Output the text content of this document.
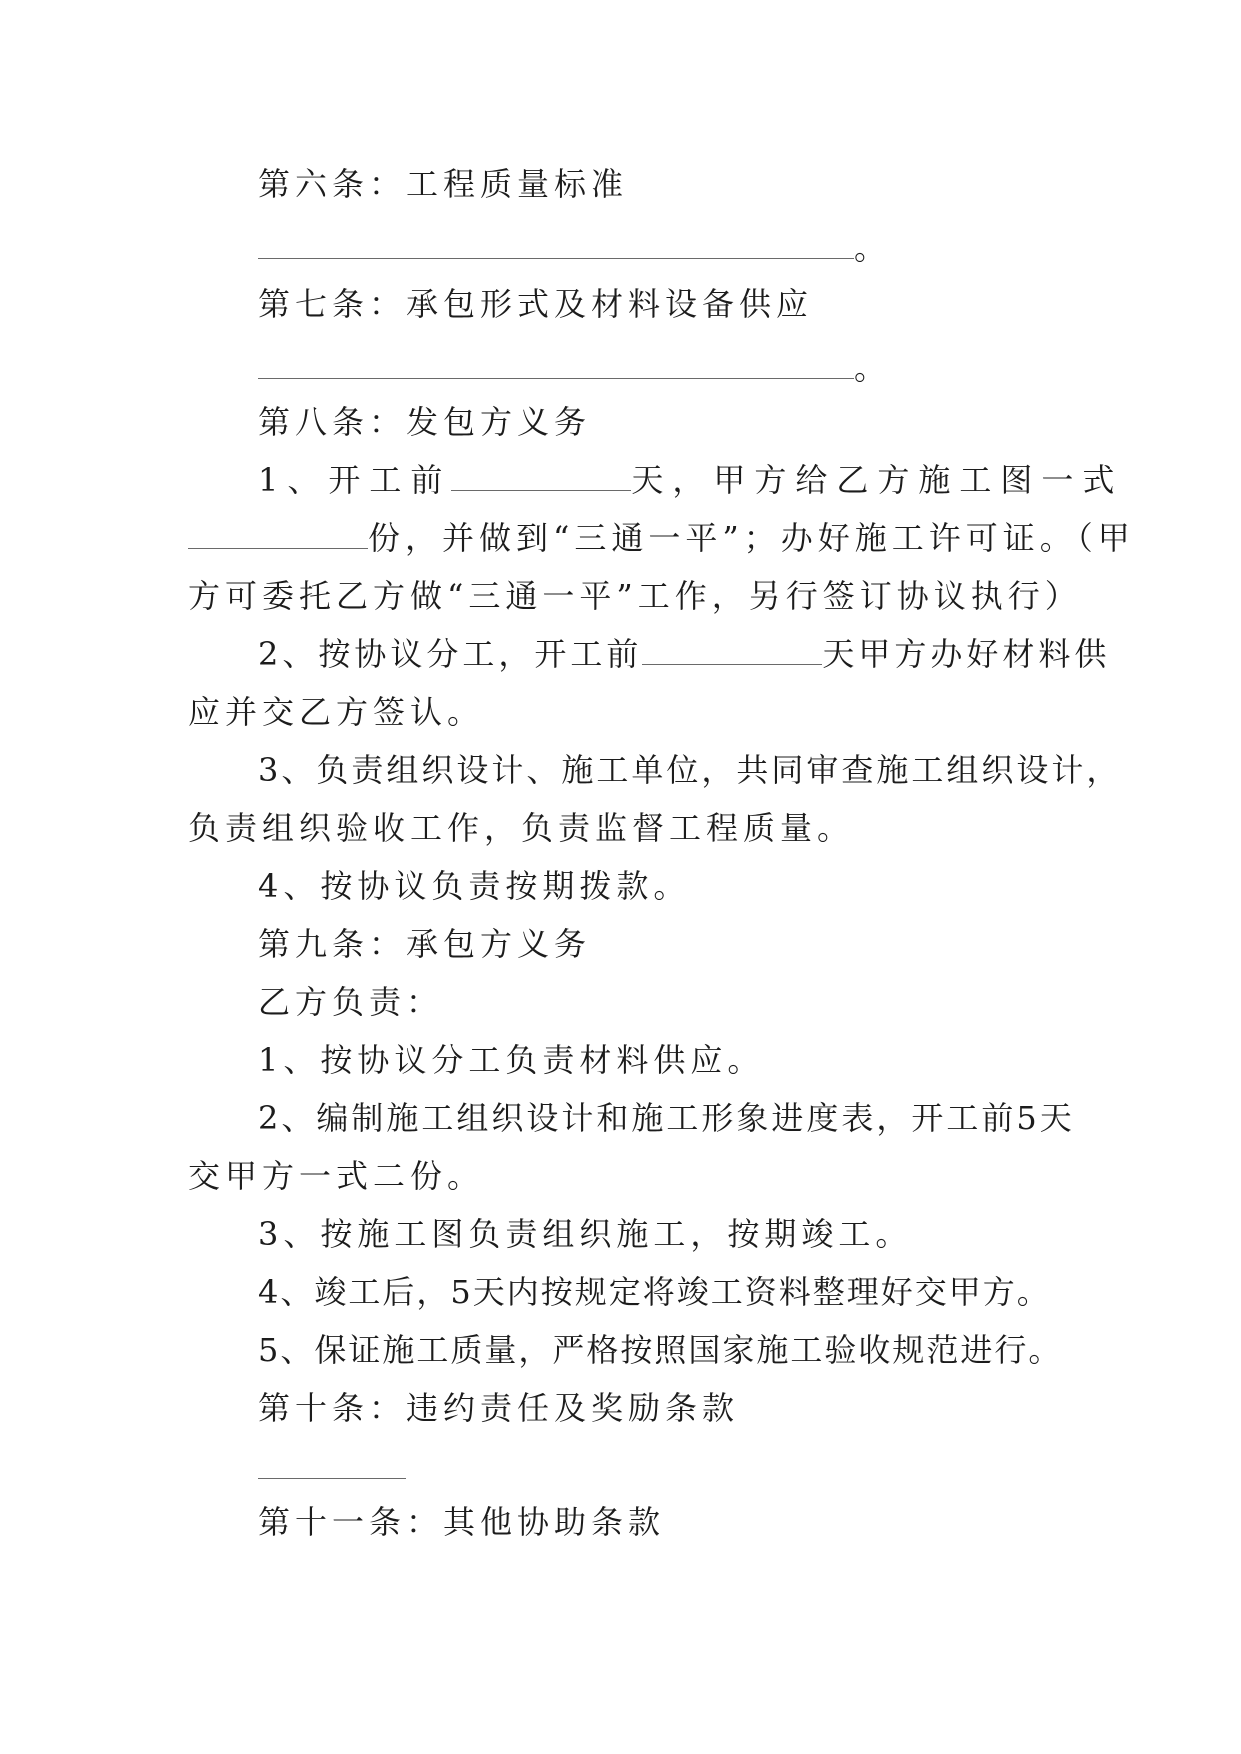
第六条：工程质量标准
。
第七条：承包形式及材料设备供应
。
第八条：发包方义务
1、开工前	天，甲方给乙方施工图一式
份，并做到“三通一平”；办好施工许可证。（甲
方可委托乙方做“三通一平”工作，另行签订协议执行）
2、按协议分工，开工前	天甲方办好材料供
应并交乙方签认。
3、负责组织设计、施工单位，共同审查施工组织设计，
负责组织验收工作，负责监督工程质量。
4、按协议负责按期拨款。
第九条：承包方义务
乙方负责：
1、按协议分工负责材料供应。
2、编制施工组织设计和施工形象进度表，开工前5天
交甲方一式二份。
3、按施工图负责组织施工，按期竣工。
4、竣工后，5天内按规定将竣工资料整理好交甲方。
5、保证施工质量，严格按照国家施工验收规范进行。
第十条：违约责任及奖励条款
第十一条：其他协助条款
